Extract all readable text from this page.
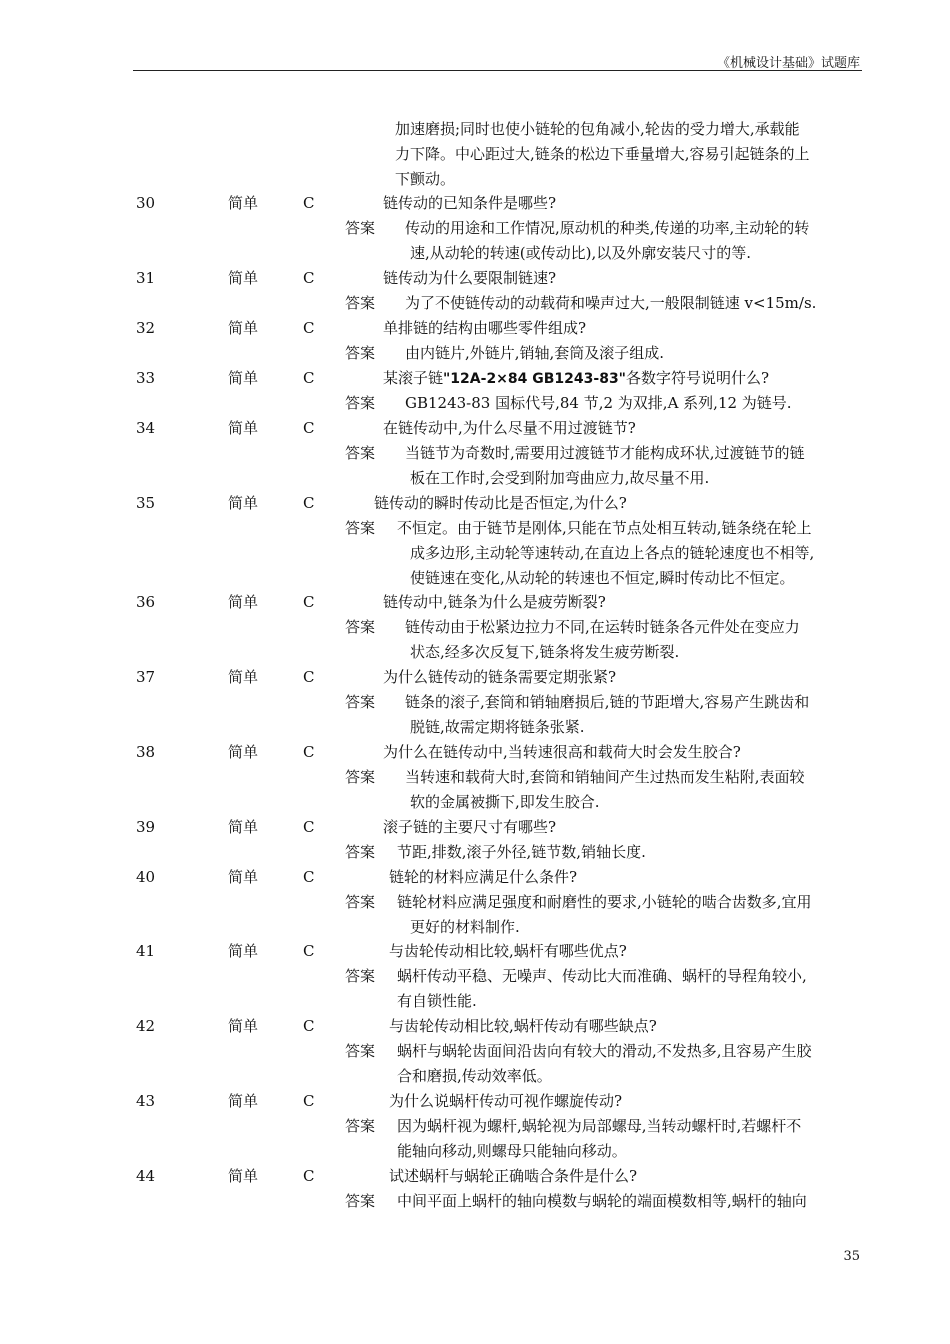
《机械设计基础》试题库
加速磨损;同时也使小链轮的包角减小,轮齿的受力增大,承载能
力下降。中心距过大,链条的松边下垂量增大,容易引起链条的上
下颤动。
30	简单	C	链传动的已知条件是哪些?
答案 传动的用途和工作情况,原动机的种类,传递的功率,主动轮的转
速,从动轮的转速(或传动比),以及外廓安装尺寸的等.
31	简单	C	链传动为什么要限制链速?
答案 为了不使链传动的动载荷和噪声过大,一般限制链速 v<15m/s.
32	简单	C	单排链的结构由哪些零件组成?
答案 由内链片,外链片,销轴,套筒及滚子组成.
33	简单	C	某滚子链"12A-2×84 GB1243-83"各数字符号说明什么?
答案 GB1243-83 国标代号,84 节,2 为双排,A 系列,12 为链号.
34	简单	C	在链传动中,为什么尽量不用过渡链节?
答案 当链节为奇数时,需要用过渡链节才能构成环状,过渡链节的链
板在工作时,会受到附加弯曲应力,故尽量不用.
35	简单	C	链传动的瞬时传动比是否恒定,为什么?
答案 不恒定。由于链节是刚体,只能在节点处相互转动,链条绕在轮上
成多边形,主动轮等速转动,在直边上各点的链轮速度也不相等,
使链速在变化,从动轮的转速也不恒定,瞬时传动比不恒定。
36	简单	C	链传动中,链条为什么是疲劳断裂?
答案 链传动由于松紧边拉力不同,在运转时链条各元件处在变应力
状态,经多次反复下,链条将发生疲劳断裂.
37	简单	C	为什么链传动的链条需要定期张紧?
答案 链条的滚子,套筒和销轴磨损后,链的节距增大,容易产生跳齿和
脱链,故需定期将链条张紧.
38	简单	C	为什么在链传动中,当转速很高和载荷大时会发生胶合?
答案 当转速和载荷大时,套筒和销轴间产生过热而发生粘附,表面较
软的金属被撕下,即发生胶合.
39	简单	C	滚子链的主要尺寸有哪些?
答案 节距,排数,滚子外径,链节数,销轴长度.
40	简单	C	链轮的材料应满足什么条件?
答案 链轮材料应满足强度和耐磨性的要求,小链轮的啮合齿数多,宜用
更好的材料制作.
41	简单	C	与齿轮传动相比较,蜗杆有哪些优点?
答案 蜗杆传动平稳、无噪声、传动比大而准确、蜗杆的导程角较小,
有自锁性能.
42	简单	C	与齿轮传动相比较,蜗杆传动有哪些缺点?
答案 蜗杆与蜗轮齿面间沿齿向有较大的滑动,不发热多,且容易产生胶
合和磨损,传动效率低。
43	简单	C	为什么说蜗杆传动可视作螺旋传动?
答案 因为蜗杆视为螺杆,蜗轮视为局部螺母,当转动螺杆时,若螺杆不
能轴向移动,则螺母只能轴向移动。
44	简单	C	试述蜗杆与蜗轮正确啮合条件是什么?
答案 中间平面上蜗杆的轴向模数与蜗轮的端面模数相等,蜗杆的轴向
35
